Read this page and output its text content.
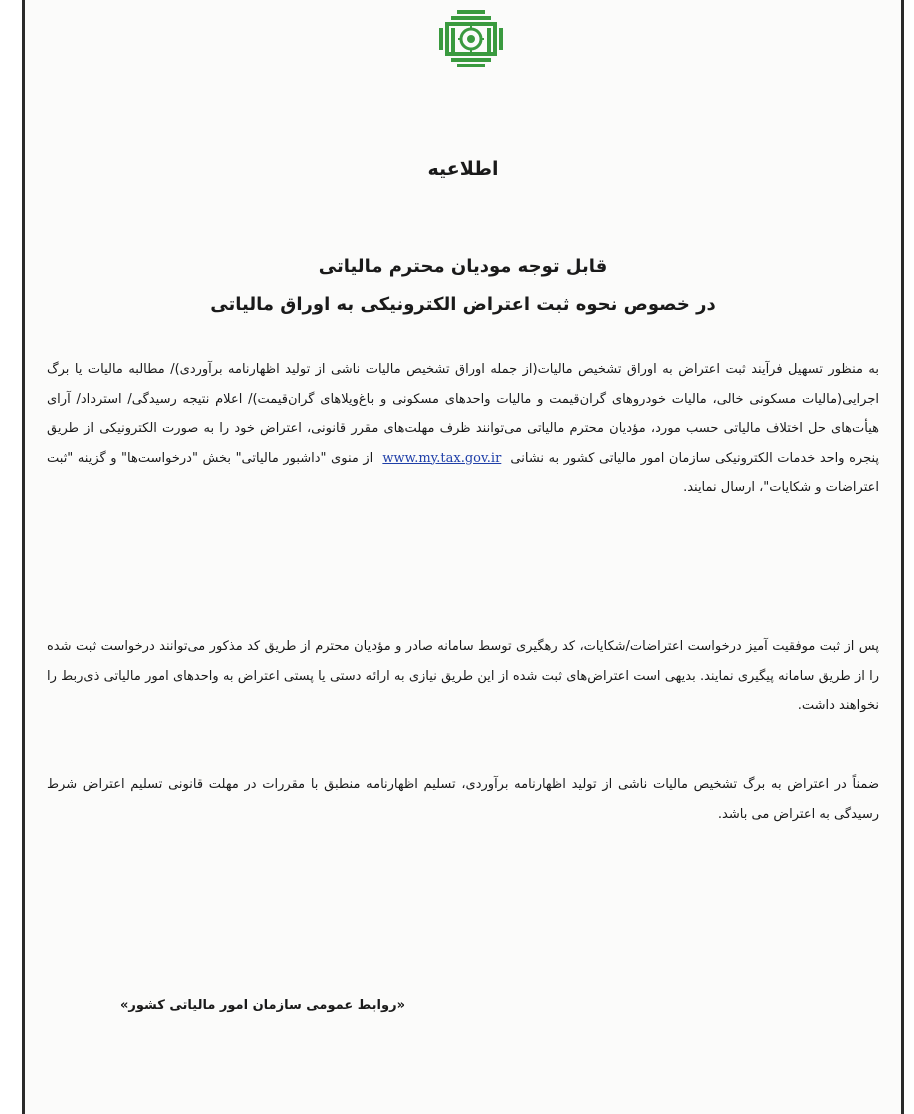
اطلاعیه
قابل توجه مودیان محترم مالیاتی
در خصوص نحوه ثبت اعتراض الکترونیکی به اوراق مالیاتی

به منظور تسهیل فرآیند ثبت اعتراض به اوراق تشخیص مالیات(از جمله اوراق تشخیص مالیات ناشی از تولید اظهارنامه برآوردی)/ مطالبه مالیات یا برگ اجرایی(مالیات مسکونی خالی، مالیات خودروهای گران‌قیمت و مالیات واحدهای مسکونی و باغ‌ویلاهای گران‌قیمت)/ اعلام نتیجه رسیدگی/ استرداد/ آرای هیأت‌های حل اختلاف مالیاتی حسب مورد، مؤدیان محترم مالیاتی می‌توانند ظرف مهلت‌های مقرر قانونی، اعتراض خود را به صورت الکترونیکی از طریق پنجره واحد خدمات الکترونیکی سازمان امور مالیاتی کشور به نشانی  www.my.tax.gov.ir  از منوی "داشبور مالیاتی" بخش "درخواست‌ها" و گزینه "ثبت اعتراضات و شکایات"، ارسال نمایند.

پس از ثبت موفقیت آمیز درخواست اعتراضات/شکایات، کد رهگیری توسط سامانه صادر و مؤدیان محترم از طریق کد مذکور می‌توانند درخواست ثبت شده را از طریق سامانه پیگیری نمایند. بدیهی است اعتراض‌های ثبت شده از این طریق نیازی به ارائه دستی یا پستی اعتراض به واحدهای امور مالیاتی ذی‌ربط را نخواهند داشت.

ضمناً در اعتراض به برگ تشخیص مالیات ناشی از تولید اظهارنامه برآوردی، تسلیم اظهارنامه منطبق با مقررات در مهلت قانونی تسلیم اعتراض شرط رسیدگی به اعتراض می باشد.

«روابط عمومی سازمان امور مالیاتی کشور»
